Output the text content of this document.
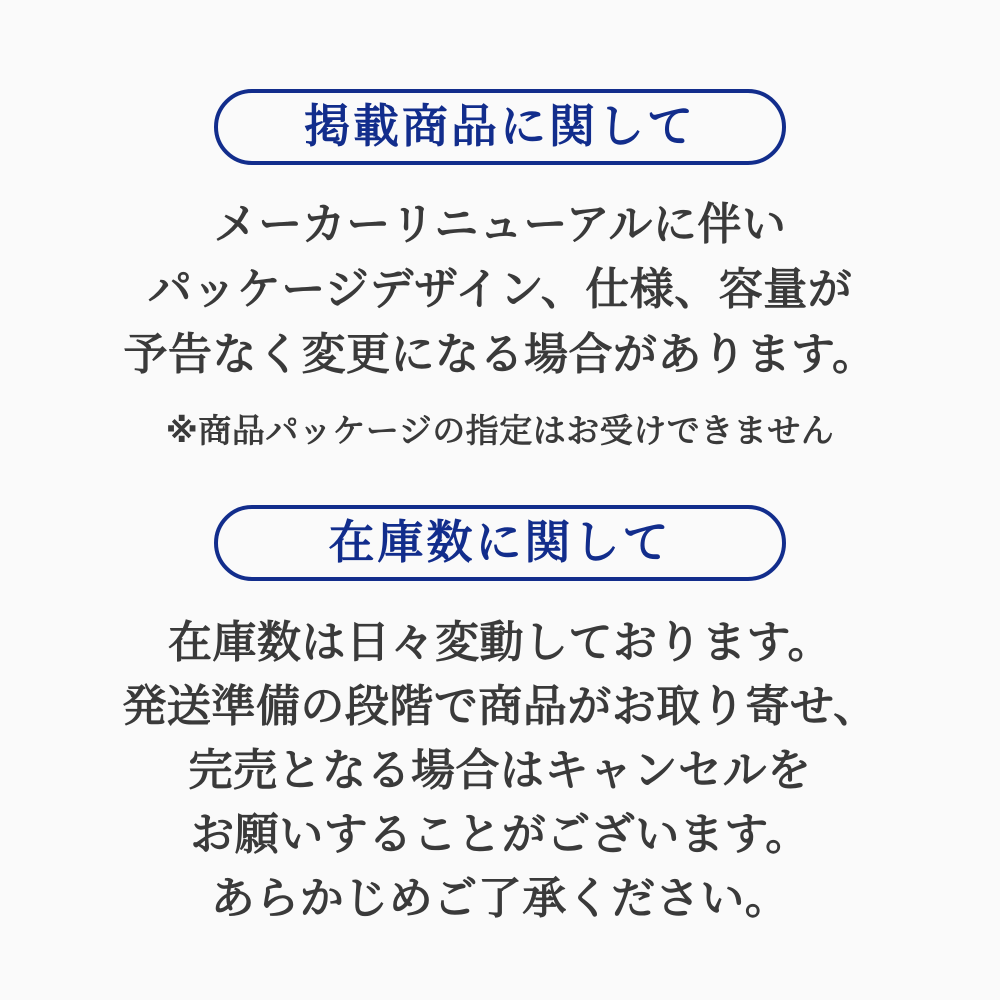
掲載商品に関して
メーカーリニューアルに伴い
パッケージデザイン、仕様、容量が
予告なく変更になる場合があります。
※商品パッケージの指定はお受けできません
在庫数に関して
在庫数は日々変動しております。
発送準備の段階で商品がお取り寄せ、
完売となる場合はキャンセルを
お願いすることがございます。
あらかじめご了承ください。
